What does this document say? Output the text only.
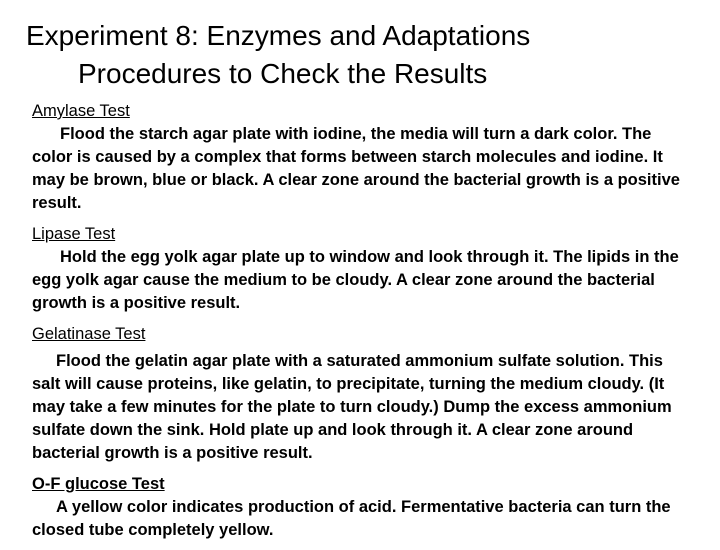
Experiment 8: Enzymes and Adaptations
Procedures to Check the Results
Amylase Test

Flood the starch agar plate with iodine, the media will turn a dark color. The color is caused by a complex that forms between starch molecules and iodine. It may be brown, blue or black. A clear zone around the bacterial growth is a positive result.

Lipase Test

Hold the egg yolk agar plate up to window and look through it. The lipids in the egg yolk agar cause the medium to be cloudy. A clear zone around the bacterial growth is a positive result.

Gelatinase Test

Flood the gelatin agar plate with a saturated ammonium sulfate solution. This salt will cause proteins, like gelatin, to precipitate, turning the medium cloudy. (It may take a few minutes for the plate to turn cloudy.) Dump the excess ammonium sulfate down the sink. Hold plate up and look through it. A clear zone around bacterial growth is a positive result.

O-F glucose Test

A yellow color indicates production of acid. Fermentative bacteria can turn the closed tube completely yellow.
